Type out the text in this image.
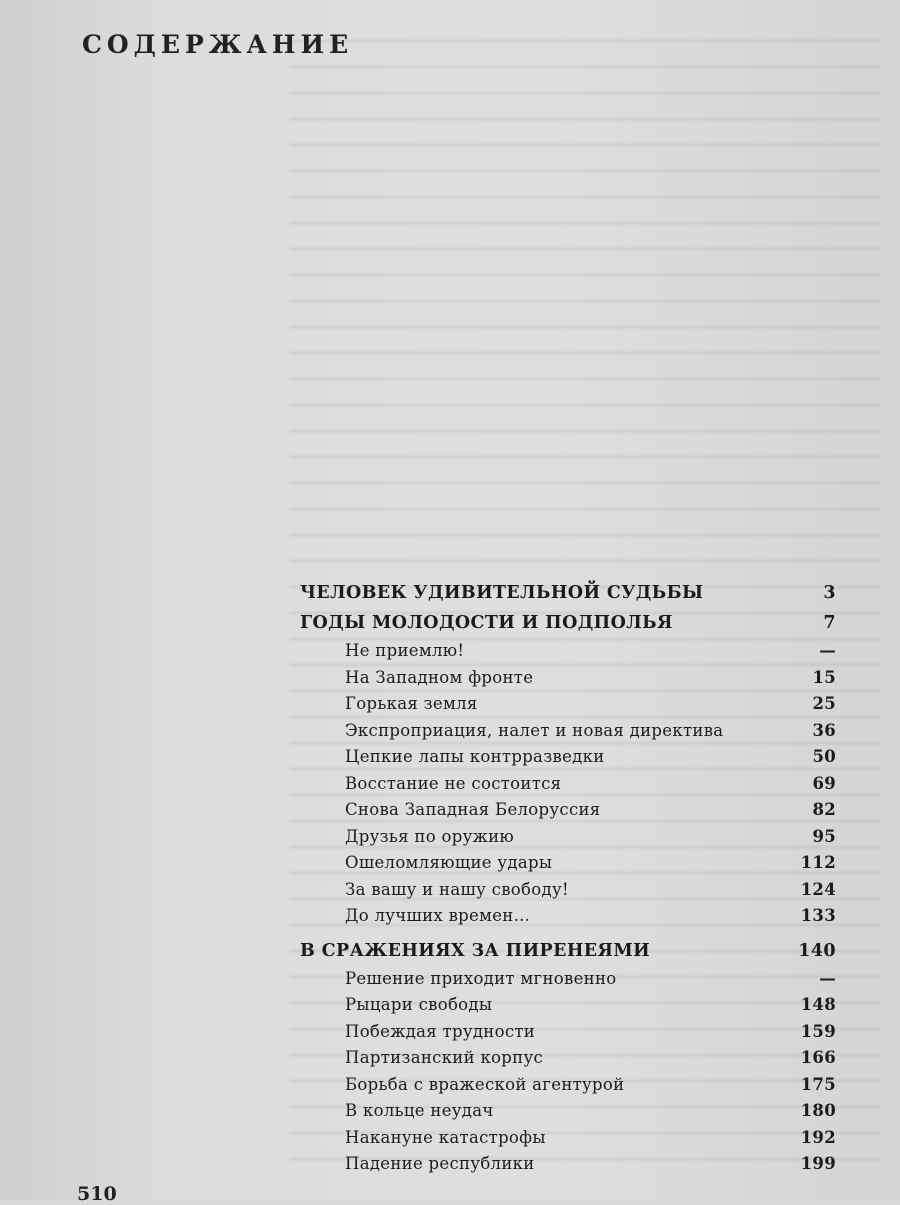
СОДЕРЖАНИЕ
ЧЕЛОВЕК УДИВИТЕЛЬНОЙ СУДЬБЫ	3
ГОДЫ МОЛОДОСТИ И ПОДПОЛЬЯ	7
Не приемлю!	—
На Западном фронте	15
Горькая земля	25
Экспроприация, налет и новая директива	36
Цепкие лапы контрразведки	50
Восстание не состоится	69
Снова Западная Белоруссия	82
Друзья по оружию	95
Ошеломляющие удары	112
За вашу и нашу свободу!	124
До лучших времен...	133
В СРАЖЕНИЯХ ЗА ПИРЕНЕЯМИ	140
Решение приходит мгновенно	—
Рыцари свободы	148
Побеждая трудности	159
Партизанский корпус	166
Борьба с вражеской агентурой	175
В кольце неудач	180
Накануне катастрофы	192
Падение республики	199
510
